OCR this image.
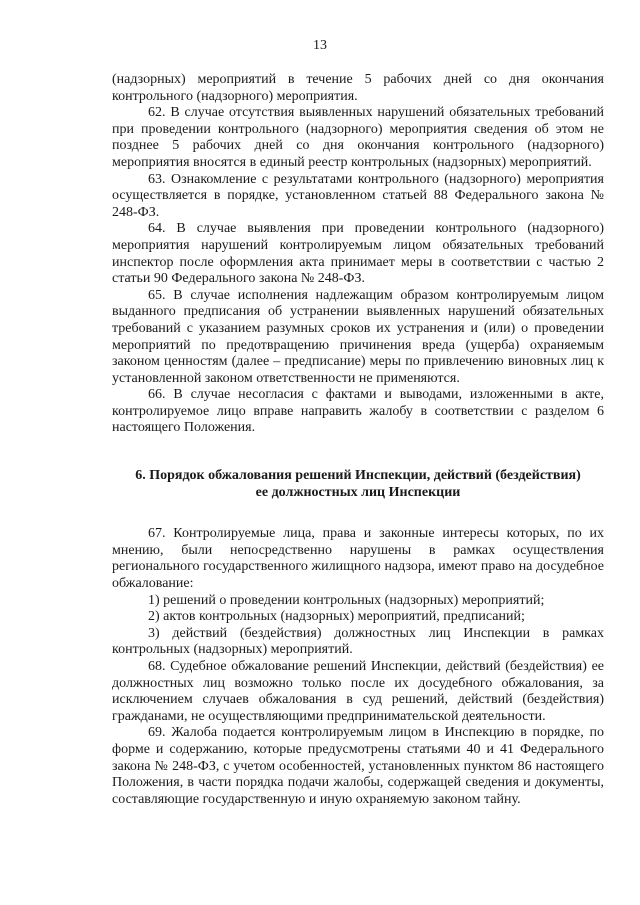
13

(надзорных) мероприятий в течение 5 рабочих дней со дня окончания контрольного (надзорного) мероприятия.

62. В случае отсутствия выявленных нарушений обязательных требований при проведении контрольного (надзорного) мероприятия сведения об этом не позднее 5 рабочих дней со дня окончания контрольного (надзорного) мероприятия вносятся в единый реестр контрольных (надзорных) мероприятий.

63. Ознакомление с результатами контрольного (надзорного) мероприятия осуществляется в порядке, установленном статьей 88 Федерального закона № 248-ФЗ.

64. В случае выявления при проведении контрольного (надзорного) мероприятия нарушений контролируемым лицом обязательных требований инспектор после оформления акта принимает меры в соответствии с частью 2 статьи 90 Федерального закона № 248-ФЗ.

65. В случае исполнения надлежащим образом контролируемым лицом выданного предписания об устранении выявленных нарушений обязательных требований с указанием разумных сроков их устранения и (или) о проведении мероприятий по предотвращению причинения вреда (ущерба) охраняемым законом ценностям (далее – предписание) меры по привлечению виновных лиц к установленной законом ответственности не применяются.

66. В случае несогласия с фактами и выводами, изложенными в акте, контролируемое лицо вправе направить жалобу в соответствии с разделом 6 настоящего Положения.

6. Порядок обжалования решений Инспекции, действий (бездействия)
ее должностных лиц Инспекции

67. Контролируемые лица, права и законные интересы которых, по их мнению, были непосредственно нарушены в рамках осуществления регионального государственного жилищного надзора, имеют право на досудебное обжалование:

1) решений о проведении контрольных (надзорных) мероприятий;

2) актов контрольных (надзорных) мероприятий, предписаний;

3) действий (бездействия) должностных лиц Инспекции в рамках контрольных (надзорных) мероприятий.

68. Судебное обжалование решений Инспекции, действий (бездействия) ее должностных лиц возможно только после их досудебного обжалования, за исключением случаев обжалования в суд решений, действий (бездействия) гражданами, не осуществляющими предпринимательской деятельности.

69. Жалоба подается контролируемым лицом в Инспекцию в порядке, по форме и содержанию, которые предусмотрены статьями 40 и 41 Федерального закона № 248-ФЗ, с учетом особенностей, установленных пунктом 86 настоящего Положения, в части порядка подачи жалобы, содержащей сведения и документы, составляющие государственную и иную охраняемую законом тайну.
